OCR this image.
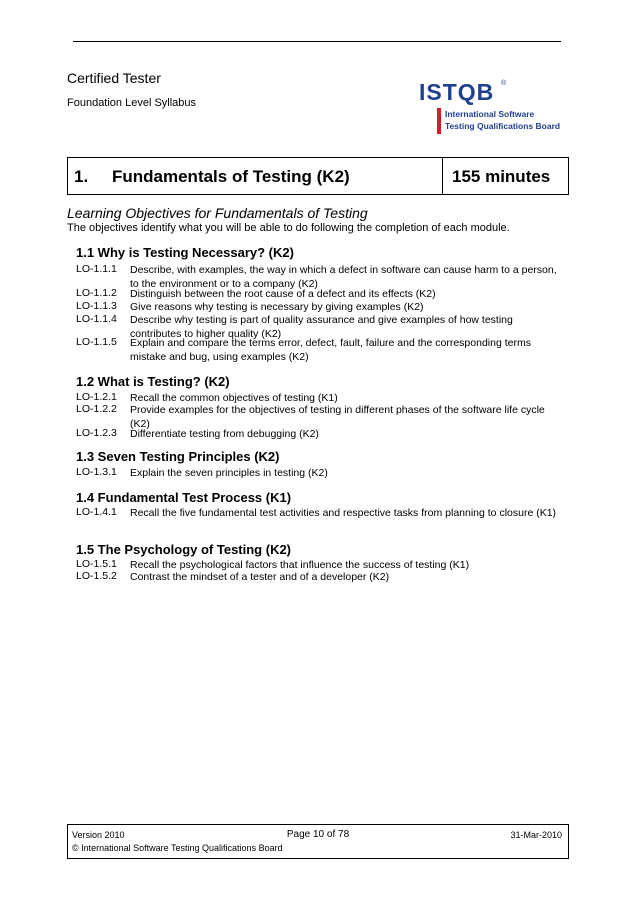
Certified Tester
Foundation Level Syllabus	ISTQB ®
International Software
Testing Qualifications Board
1. Fundamentals of Testing (K2)	155 minutes
Learning Objectives for Fundamentals of Testing
The objectives identify what you will be able to do following the completion of each module.
1.1 Why is Testing Necessary? (K2)
LO-1.1.1 Describe, with examples, the way in which a defect in software can cause harm to a person, to the environment or to a company (K2)
LO-1.1.2 Distinguish between the root cause of a defect and its effects (K2)
LO-1.1.3 Give reasons why testing is necessary by giving examples (K2)
LO-1.1.4 Describe why testing is part of quality assurance and give examples of how testing contributes to higher quality (K2)
LO-1.1.5 Explain and compare the terms error, defect, fault, failure and the corresponding terms mistake and bug, using examples (K2)
1.2 What is Testing? (K2)
LO-1.2.1 Recall the common objectives of testing (K1)
LO-1.2.2 Provide examples for the objectives of testing in different phases of the software life cycle (K2)
LO-1.2.3 Differentiate testing from debugging (K2)
1.3 Seven Testing Principles (K2)
LO-1.3.1 Explain the seven principles in testing (K2)
1.4 Fundamental Test Process (K1)
LO-1.4.1 Recall the five fundamental test activities and respective tasks from planning to closure (K1)
1.5 The Psychology of Testing (K2)
LO-1.5.1 Recall the psychological factors that influence the success of testing (K1)
LO-1.5.2 Contrast the mindset of a tester and of a developer (K2)
Version 2010	Page 10 of 78	31-Mar-2010
© International Software Testing Qualifications Board
